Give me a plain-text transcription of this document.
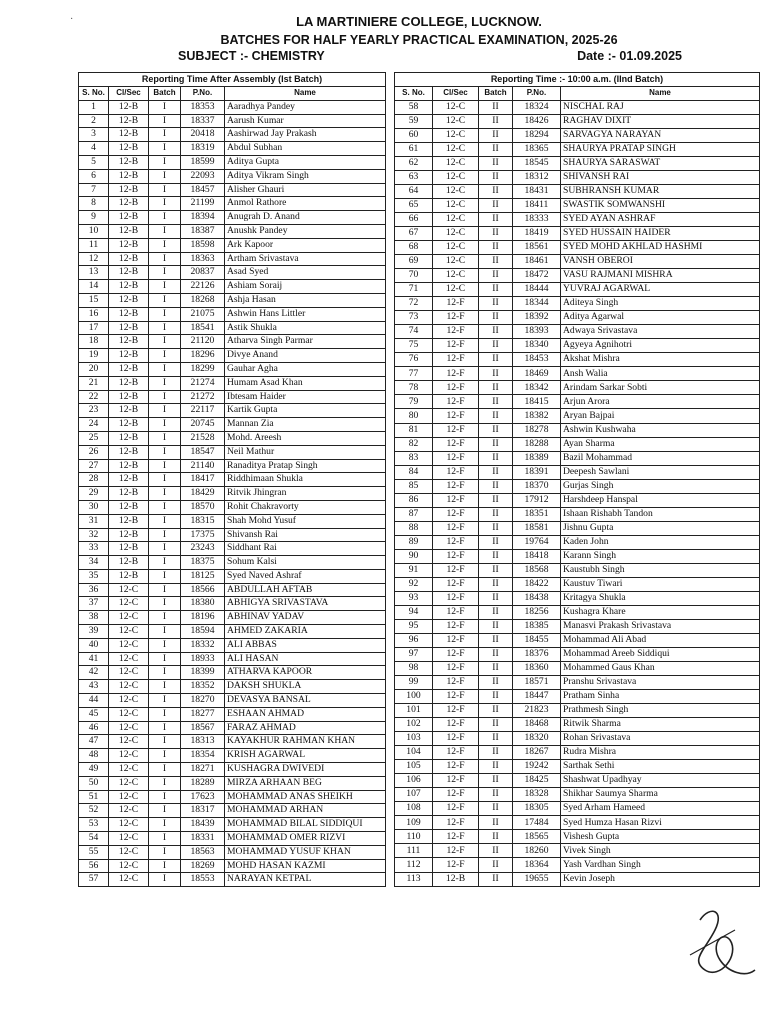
·	LA MARTINIERE COLLEGE, LUCKNOW.
BATCHES FOR HALF YEARLY PRACTICAL EXAMINATION, 2025-26
SUBJECT :- CHEMISTRY	Date :- 01.09.2025
Reporting Time After Assembly (Ist Batch)				
S. No.	Cl/Sec	Batch	P.No.	Name
1	12-B	I	18353	Aaradhya Pandey
2	12-B	I	18337	Aarush Kumar
3	12-B	I	20418	Aashirwad Jay Prakash
4	12-B	I	18319	Abdul Subhan
5	12-B	I	18599	Aditya Gupta
6	12-B	I	22093	Aditya Vikram Singh
7	12-B	I	18457	Alisher Ghauri
8	12-B	I	21199	Anmol Rathore
9	12-B	I	18394	Anugrah D. Anand
10	12-B	I	18387	Anushk Pandey
11	12-B	I	18598	Ark Kapoor
12	12-B	I	18363	Artham Srivastava
13	12-B	I	20837	Asad Syed
14	12-B	I	22126	Ashiam Soraij
15	12-B	I	18268	Ashja Hasan
16	12-B	I	21075	Ashwin Hans Littler
17	12-B	I	18541	Astik Shukla
18	12-B	I	21120	Atharva Singh Parmar
19	12-B	I	18296	Divye Anand
20	12-B	I	18299	Gauhar Agha
21	12-B	I	21274	Humam Asad Khan
22	12-B	I	21272	Ibtesam Haider
23	12-B	I	22117	Kartik Gupta
24	12-B	I	20745	Mannan Zia
25	12-B	I	21528	Mohd. Areesh
26	12-B	I	18547	Neil Mathur
27	12-B	I	21140	Ranaditya Pratap Singh
28	12-B	I	18417	Riddhimaan Shukla
29	12-B	I	18429	Ritvik Jhingran
30	12-B	I	18570	Rohit Chakravorty
31	12-B	I	18315	Shah Mohd Yusuf
32	12-B	I	17375	Shivansh Rai
33	12-B	I	23243	Siddhant Rai
34	12-B	I	18375	Sohum Kalsi
35	12-B	I	18125	Syed Naved Ashraf
36	12-C	I	18566	ABDULLAH AFTAB
37	12-C	I	18380	ABHIGYA SRIVASTAVA
38	12-C	I	18196	ABHINAV YADAV
39	12-C	I	18594	AHMED ZAKARIA
40	12-C	I	18332	ALI ABBAS
41	12-C	I	18933	ALI HASAN
42	12-C	I	18399	ATHARVA KAPOOR
43	12-C	I	18352	DAKSH SHUKLA
44	12-C	I	18270	DEVASYA BANSAL
45	12-C	I	18277	ESHAAN AHMAD
46	12-C	I	18567	FARAZ AHMAD
47	12-C	I	18313	KAYAKHUR RAHMAN KHAN
48	12-C	I	18354	KRISH AGARWAL
49	12-C	I	18271	KUSHAGRA DWIVEDI
50	12-C	I	18289	MIRZA ARHAAN BEG
51	12-C	I	17623	MOHAMMAD ANAS SHEIKH
52	12-C	I	18317	MOHAMMAD ARHAN
53	12-C	I	18439	MOHAMMAD BILAL SIDDIQUI
54	12-C	I	18331	MOHAMMAD OMER RIZVI
55	12-C	I	18563	MOHAMMAD YUSUF KHAN
56	12-C	I	18269	MOHD HASAN KAZMI
57	12-C	I	18553	NARAYAN KETPAL
Reporting Time :- 10:00 a.m. (IInd Batch)				
S. No.	Cl/Sec	Batch	P.No.	Name
58	12-C	II	18324	NISCHAL RAJ
59	12-C	II	18426	RAGHAV DIXIT
60	12-C	II	18294	SARVAGYA NARAYAN
61	12-C	II	18365	SHAURYA PRATAP SINGH
62	12-C	II	18545	SHAURYA SARASWAT
63	12-C	II	18312	SHIVANSH RAI
64	12-C	II	18431	SUBHRANSH KUMAR
65	12-C	II	18411	SWASTIK SOMWANSHI
66	12-C	II	18333	SYED AYAN ASHRAF
67	12-C	II	18419	SYED HUSSAIN HAIDER
68	12-C	II	18561	SYED MOHD AKHLAD HASHMI
69	12-C	II	18461	VANSH OBEROI
70	12-C	II	18472	VASU RAJMANI MISHRA
71	12-C	II	18444	YUVRAJ AGARWAL
72	12-F	II	18344	Aditeya Singh
73	12-F	II	18392	Aditya Agarwal
74	12-F	II	18393	Adwaya Srivastava
75	12-F	II	18340	Agyeya Agnihotri
76	12-F	II	18453	Akshat Mishra
77	12-F	II	18469	Ansh Walia
78	12-F	II	18342	Arindam Sarkar Sobti
79	12-F	II	18415	Arjun Arora
80	12-F	II	18382	Aryan Bajpai
81	12-F	II	18278	Ashwin Kushwaha
82	12-F	II	18288	Ayan Sharma
83	12-F	II	18389	Bazil Mohammad
84	12-F	II	18391	Deepesh Sawlani
85	12-F	II	18370	Gurjas Singh
86	12-F	II	17912	Harshdeep Hanspal
87	12-F	II	18351	Ishaan Rishabh Tandon
88	12-F	II	18581	Jishnu Gupta
89	12-F	II	19764	Kaden John
90	12-F	II	18418	Karann Singh
91	12-F	II	18568	Kaustubh Singh
92	12-F	II	18422	Kaustuv Tiwari
93	12-F	II	18438	Kritagya Shukla
94	12-F	II	18256	Kushagra Khare
95	12-F	II	18385	Manasvi Prakash Srivastava
96	12-F	II	18455	Mohammad Ali Abad
97	12-F	II	18376	Mohammad Areeb Siddiqui
98	12-F	II	18360	Mohammed Gaus Khan
99	12-F	II	18571	Pranshu Srivastava
100	12-F	II	18447	Pratham Sinha
101	12-F	II	21823	Prathmesh Singh
102	12-F	II	18468	Ritwik Sharma
103	12-F	II	18320	Rohan Srivastava
104	12-F	II	18267	Rudra Mishra
105	12-F	II	19242	Sarthak Sethi
106	12-F	II	18425	Shashwat Upadhyay
107	12-F	II	18328	Shikhar Saumya Sharma
108	12-F	II	18305	Syed Arham Hameed
109	12-F	II	17484	Syed Humza Hasan Rizvi
110	12-F	II	18565	Vishesh Gupta
111	12-F	II	18260	Vivek Singh
112	12-F	II	18364	Yash Vardhan Singh
113	12-B	II	19655	Kevin Joseph
